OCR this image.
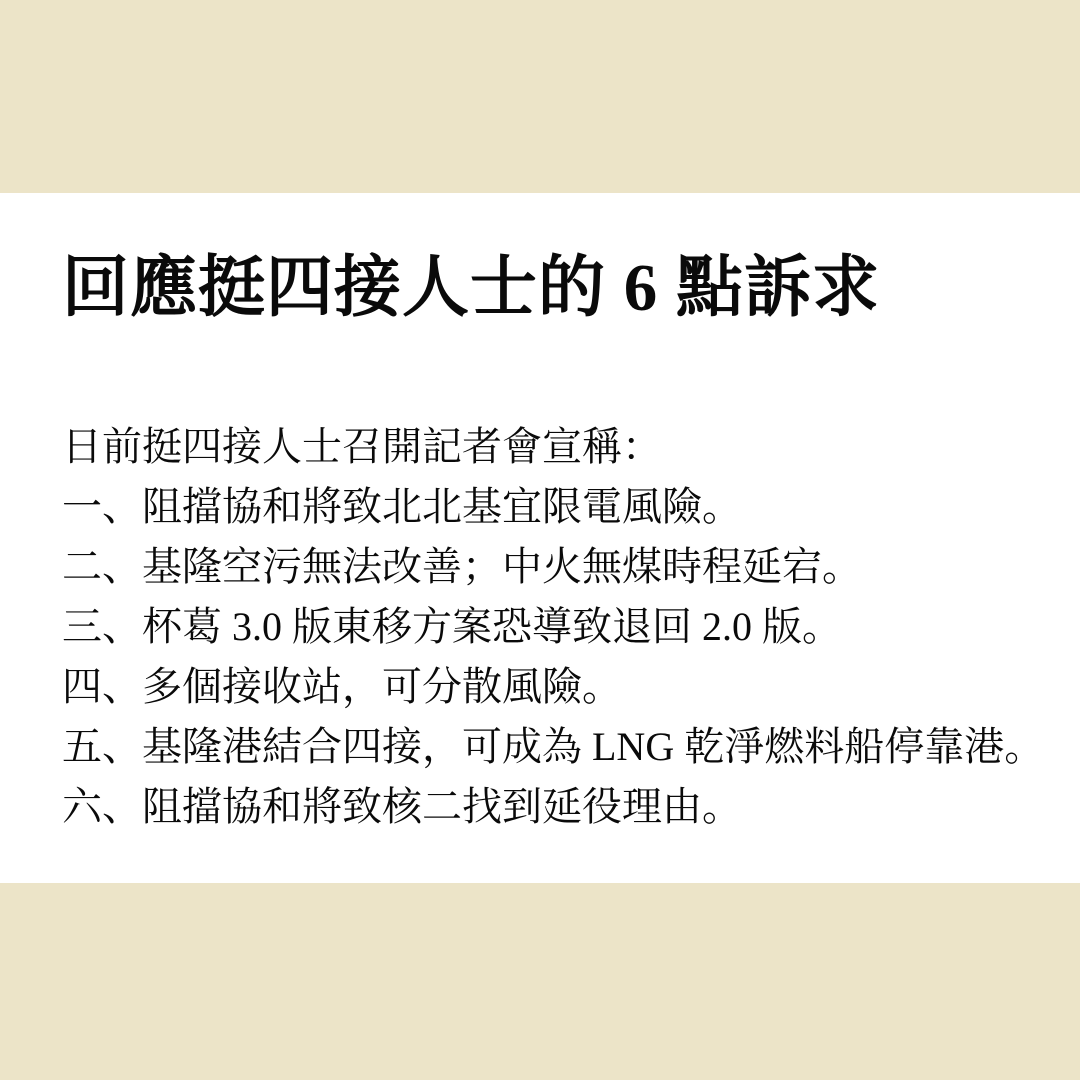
回應挺四接人士的 6 點訴求
日前挺四接人士召開記者會宣稱：
一、阻擋協和將致北北基宜限電風險。
二、基隆空污無法改善；中火無煤時程延宕。
三、杯葛 3.0 版東移方案恐導致退回 2.0 版。
四、多個接收站，可分散風險。
五、基隆港結合四接，可成為 LNG 乾淨燃料船停靠港。
六、阻擋協和將致核二找到延役理由。
